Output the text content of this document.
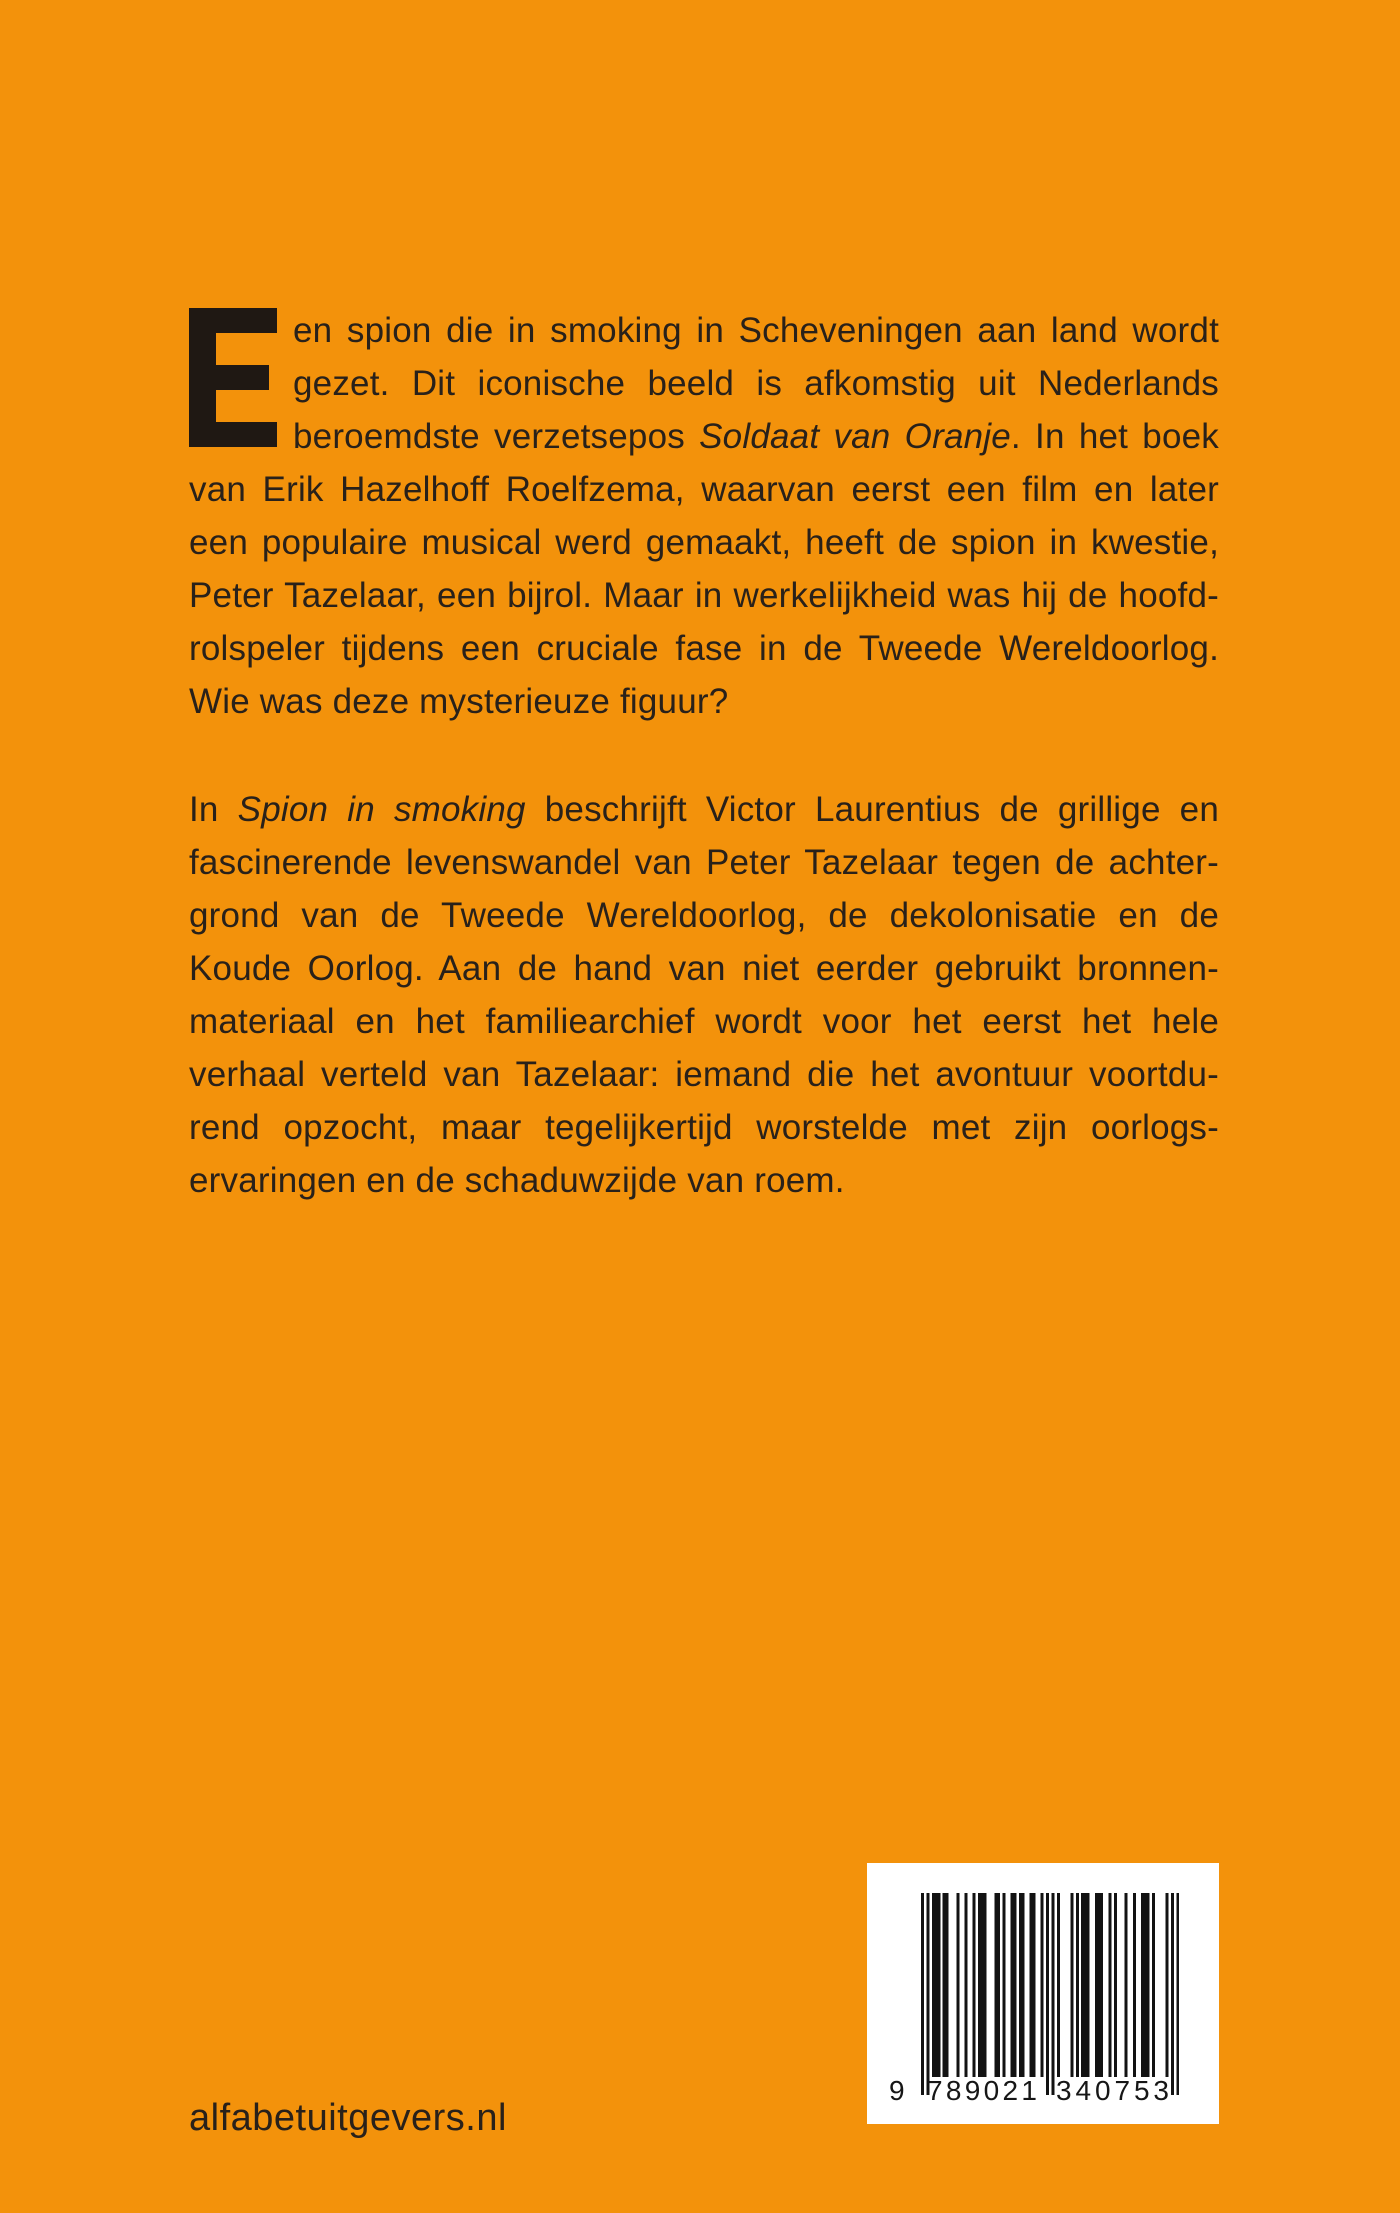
en spion die in smoking in Scheveningen aan land wordt
gezet. Dit iconische beeld is afkomstig uit Nederlands
beroemdste verzetsepos Soldaat van Oranje. In het boek
van Erik Hazelhoff Roelfzema, waarvan eerst een film en later
een populaire musical werd gemaakt, heeft de spion in kwestie,
Peter Tazelaar, een bijrol. Maar in werkelijkheid was hij de hoofd-
rolspeler tijdens een cruciale fase in de Tweede Wereldoorlog.
Wie was deze mysterieuze figuur?
In Spion in smoking beschrijft Victor Laurentius de grillige en
fascinerende levenswandel van Peter Tazelaar tegen de achter-
grond van de Tweede Wereldoorlog, de dekolonisatie en de
Koude Oorlog. Aan de hand van niet eerder gebruikt bronnen-
materiaal en het familiearchief wordt voor het eerst het hele
verhaal verteld van Tazelaar: iemand die het avontuur voortdu-
rend opzocht, maar tegelijkertijd worstelde met zijn oorlogs-
ervaringen en de schaduwzijde van roem.
alfabetuitgevers.nl
9 7 8 9 0 2 1 3 4 0 7 5 3
